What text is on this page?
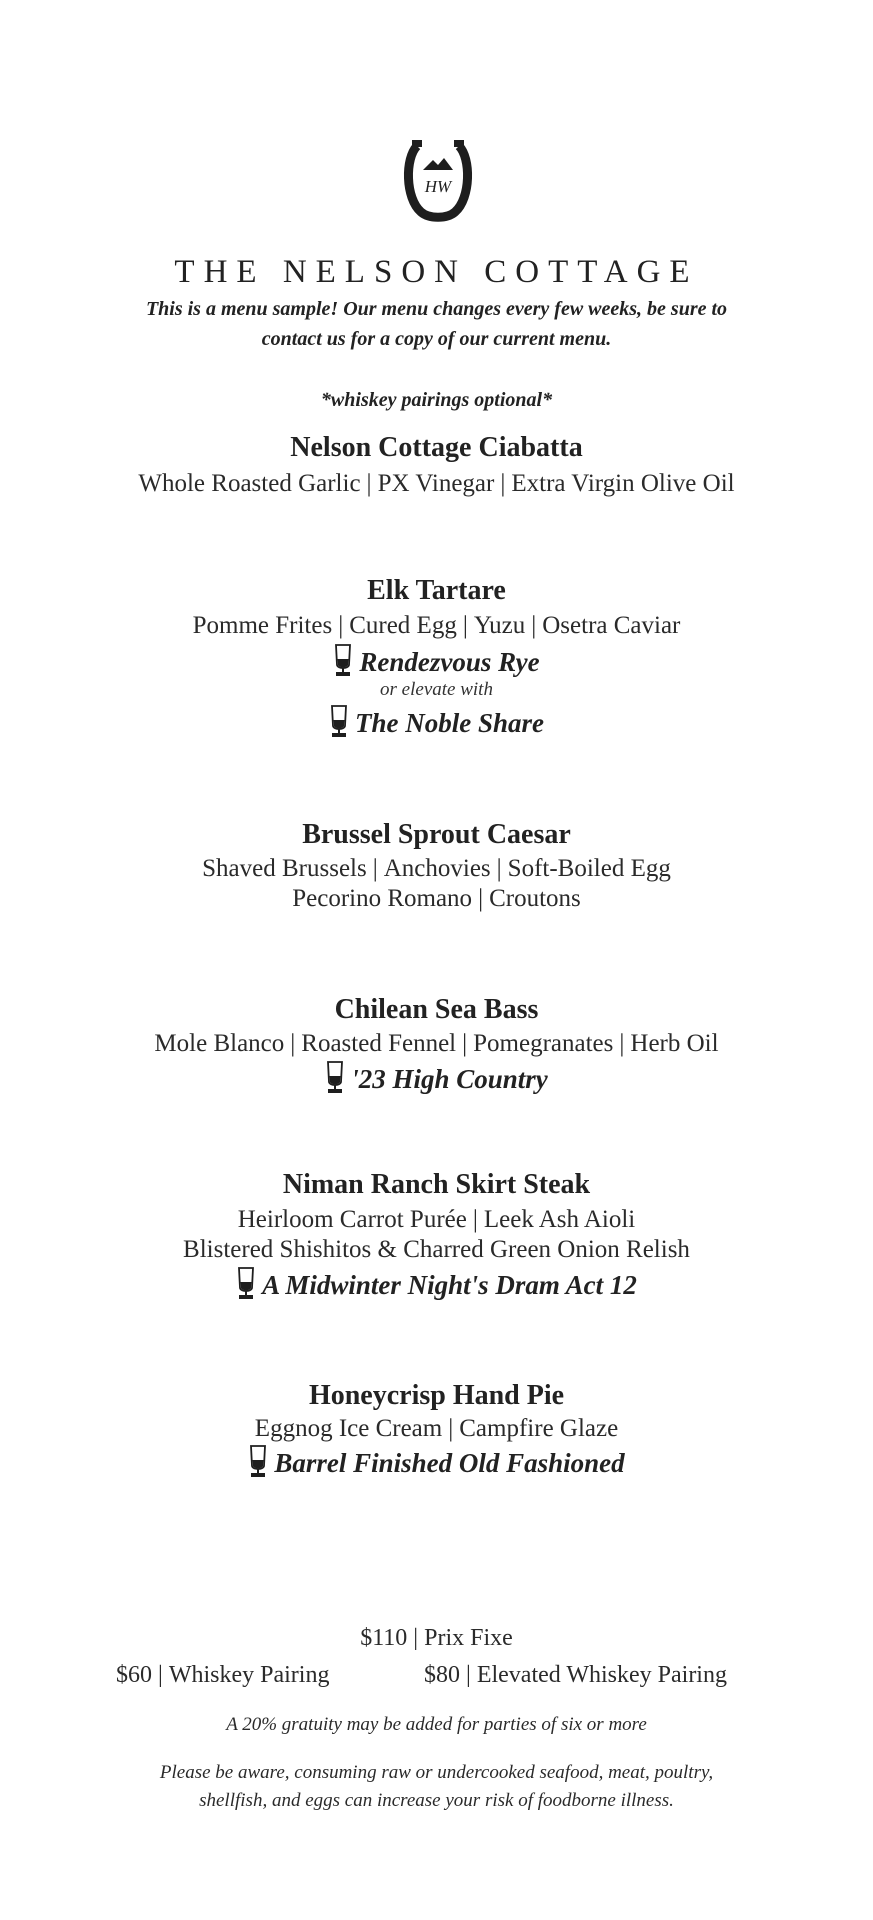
HW
THE NELSON COTTAGE
This is a menu sample! Our menu changes every few weeks, be sure to
contact us for a copy of our current menu.
*whiskey pairings optional*
Nelson Cottage Ciabatta
Whole Roasted Garlic | PX Vinegar | Extra Virgin Olive Oil
Elk Tartare
Pomme Frites | Cured Egg | Yuzu | Osetra Caviar
Rendezvous Rye
or elevate with
The Noble Share
Brussel Sprout Caesar
Shaved Brussels | Anchovies | Soft-Boiled Egg
Pecorino Romano | Croutons
Chilean Sea Bass
Mole Blanco | Roasted Fennel | Pomegranates | Herb Oil
'23 High Country
Niman Ranch Skirt Steak
Heirloom Carrot Purée | Leek Ash Aioli
Blistered Shishitos & Charred Green Onion Relish
A Midwinter Night's Dram Act 12
Honeycrisp Hand Pie
Eggnog Ice Cream | Campfire Glaze
Barrel Finished Old Fashioned
$110 | Prix Fixe
$60 | Whiskey Pairing	$80 | Elevated Whiskey Pairing
A 20% gratuity may be added for parties of six or more
Please be aware, consuming raw or undercooked seafood, meat, poultry,
shellfish, and eggs can increase your risk of foodborne illness.
